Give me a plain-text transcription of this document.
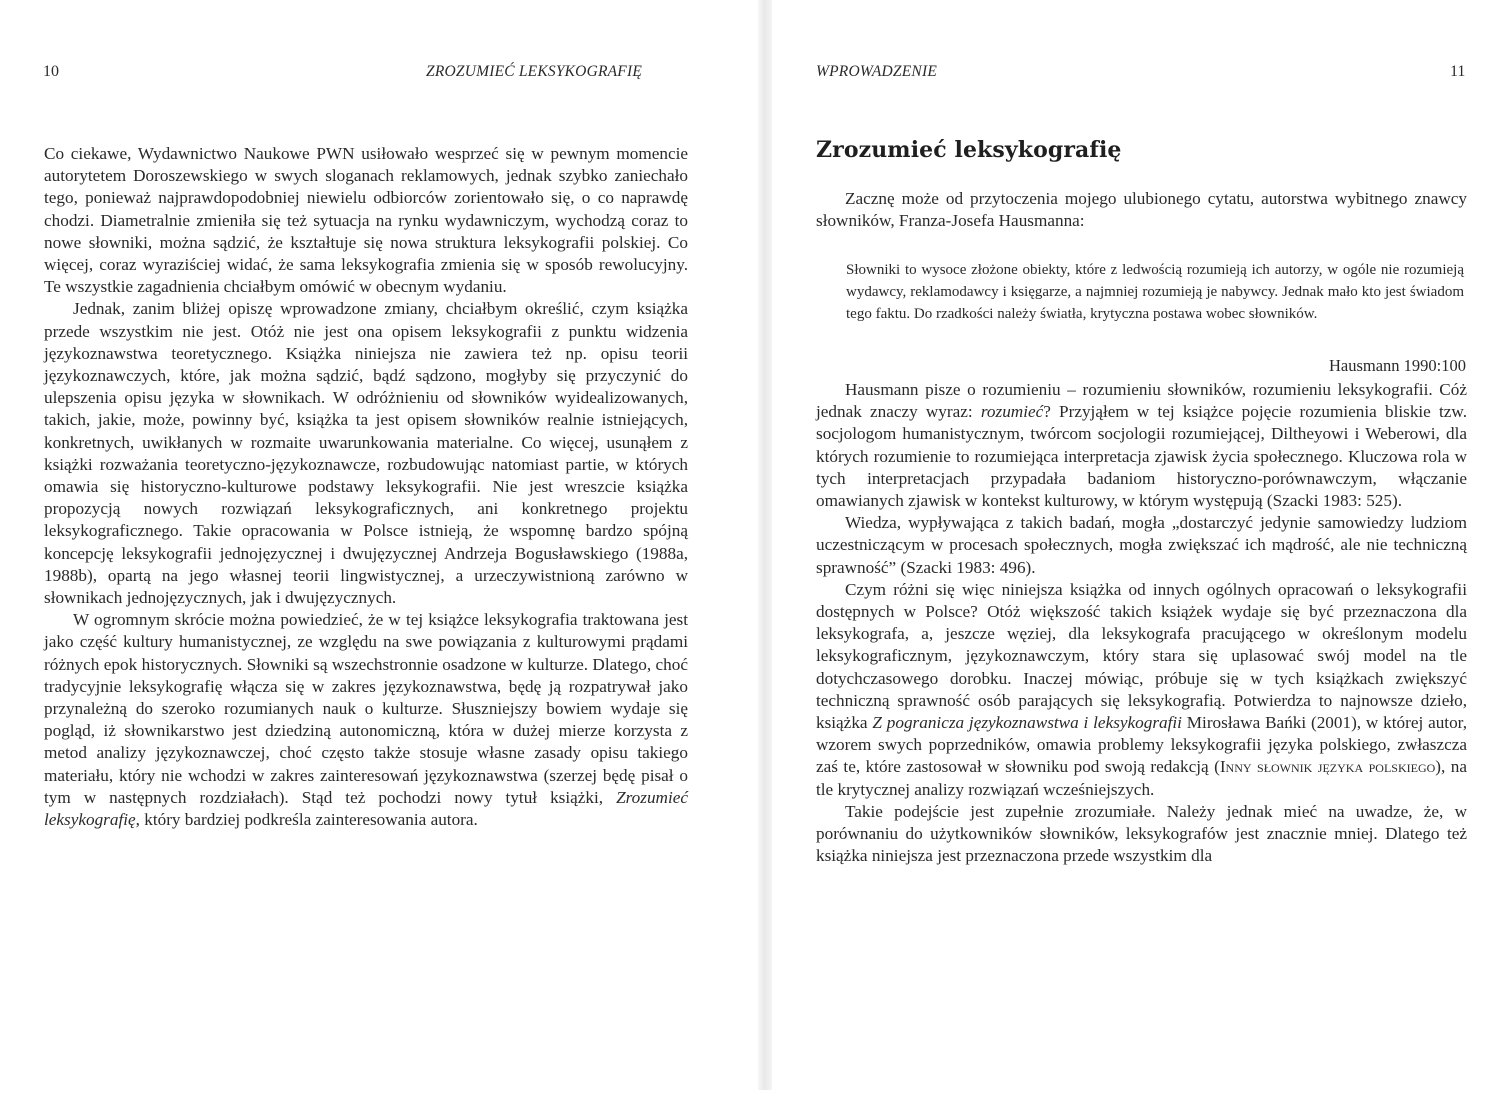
10	ZROZUMIEĆ LEKSYKOGRAFIĘ

Co ciekawe, Wydawnictwo Naukowe PWN usiłowało wesprzeć się w pewnym momencie autorytetem Doroszewskiego w swych sloganach reklamowych, jednak szybko zaniechało tego, ponieważ najprawdopodobniej niewielu odbiorców zorientowało się, o co naprawdę chodzi. Diametralnie zmieniła się też sytuacja na rynku wydawniczym, wychodzą coraz to nowe słowniki, można sądzić, że kształtuje się nowa struktura leksykografii polskiej. Co więcej, coraz wyraziściej widać, że sama leksykografia zmienia się w sposób rewolucyjny. Te wszystkie zagadnienia chciałbym omówić w obecnym wydaniu.

Jednak, zanim bliżej opiszę wprowadzone zmiany, chciałbym określić, czym książka przede wszystkim nie jest. Otóż nie jest ona opisem leksykografii z punktu widzenia językoznawstwa teoretycznego. Książka niniejsza nie zawiera też np. opisu teorii językoznawczych, które, jak można sądzić, bądź sądzono, mogłyby się przyczynić do ulepszenia opisu języka w słownikach. W odróżnieniu od słowników wyidealizowanych, takich, jakie, może, powinny być, książka ta jest opisem słowników realnie istniejących, konkretnych, uwikłanych w rozmaite uwarunkowania materialne. Co więcej, usunąłem z książki rozważania teoretyczno-językoznawcze, rozbudowując natomiast partie, w których omawia się historyczno-kulturowe podstawy leksykografii. Nie jest wreszcie książka propozycją nowych rozwiązań leksykograficznych, ani konkretnego projektu leksykograficznego. Takie opracowania w Polsce istnieją, że wspomnę bardzo spójną koncepcję leksykografii jednojęzycznej i dwujęzycznej Andrzeja Bogusławskiego (1988a, 1988b), opartą na jego własnej teorii lingwistycznej, a urzeczywistnioną zarówno w słownikach jednojęzycznych, jak i dwujęzycznych.

W ogromnym skrócie można powiedzieć, że w tej książce leksykografia traktowana jest jako część kultury humanistycznej, ze względu na swe powiązania z kulturowymi prądami różnych epok historycznych. Słowniki są wszechstronnie osadzone w kulturze. Dlatego, choć tradycyjnie leksykografię włącza się w zakres językoznawstwa, będę ją rozpatrywał jako przynależną do szeroko rozumianych nauk o kulturze. Słuszniejszy bowiem wydaje się pogląd, iż słownikarstwo jest dziedziną autonomiczną, która w dużej mierze korzysta z metod analizy językoznawczej, choć często także stosuje własne zasady opisu takiego materiału, który nie wchodzi w zakres zainteresowań językoznawstwa (szerzej będę pisał o tym w następnych rozdziałach). Stąd też pochodzi nowy tytuł książki, Zrozumieć leksykografię, który bardziej podkreśla zainteresowania autora.

WPROWADZENIE	11
Zrozumieć leksykografię

Zacznę może od przytoczenia mojego ulubionego cytatu, autorstwa wybitnego znawcy słowników, Franza-Josefa Hausmanna:

Słowniki to wysoce złożone obiekty, które z ledwością rozumieją ich autorzy, w ogóle nie rozumieją wydawcy, reklamodawcy i księgarze, a najmniej rozumieją je nabywcy. Jednak mało kto jest świadom tego faktu. Do rzadkości należy światła, krytyczna postawa wobec słowników.

Hausmann 1990:100

Hausmann pisze o rozumieniu – rozumieniu słowników, rozumieniu leksykografii. Cóż jednak znaczy wyraz: rozumieć? Przyjąłem w tej książce pojęcie rozumienia bliskie tzw. socjologom humanistycznym, twórcom socjologii rozumiejącej, Diltheyowi i Weberowi, dla których rozumienie to rozumiejąca interpretacja zjawisk życia społecznego. Kluczowa rola w tych interpretacjach przypadała badaniom historyczno-porównawczym, włączanie omawianych zjawisk w kontekst kulturowy, w którym występują (Szacki 1983: 525).

Wiedza, wypływająca z takich badań, mogła „dostarczyć jedynie samowiedzy ludziom uczestniczącym w procesach społecznych, mogła zwiększać ich mądrość, ale nie techniczną sprawność” (Szacki 1983: 496).

Czym różni się więc niniejsza książka od innych ogólnych opracowań o leksykografii dostępnych w Polsce? Otóż większość takich książek wydaje się być przeznaczona dla leksykografa, a, jeszcze węziej, dla leksykografa pracującego w określonym modelu leksykograficznym, językoznawczym, który stara się uplasować swój model na tle dotychczasowego dorobku. Inaczej mówiąc, próbuje się w tych książkach zwiększyć techniczną sprawność osób parających się leksykografią. Potwierdza to najnowsze dzieło, książka Z pogranicza językoznawstwa i leksykografii Mirosława Bańki (2001), w której autor, wzorem swych poprzedników, omawia problemy leksykografii języka polskiego, zwłaszcza zaś te, które zastosował w słowniku pod swoją redakcją (Inny słownik języka polskiego), na tle krytycznej analizy rozwiązań wcześniejszych.

Takie podejście jest zupełnie zrozumiałe. Należy jednak mieć na uwadze, że, w porównaniu do użytkowników słowników, leksykografów jest znacznie mniej. Dlatego też książka niniejsza jest przeznaczona przede wszystkim dla
